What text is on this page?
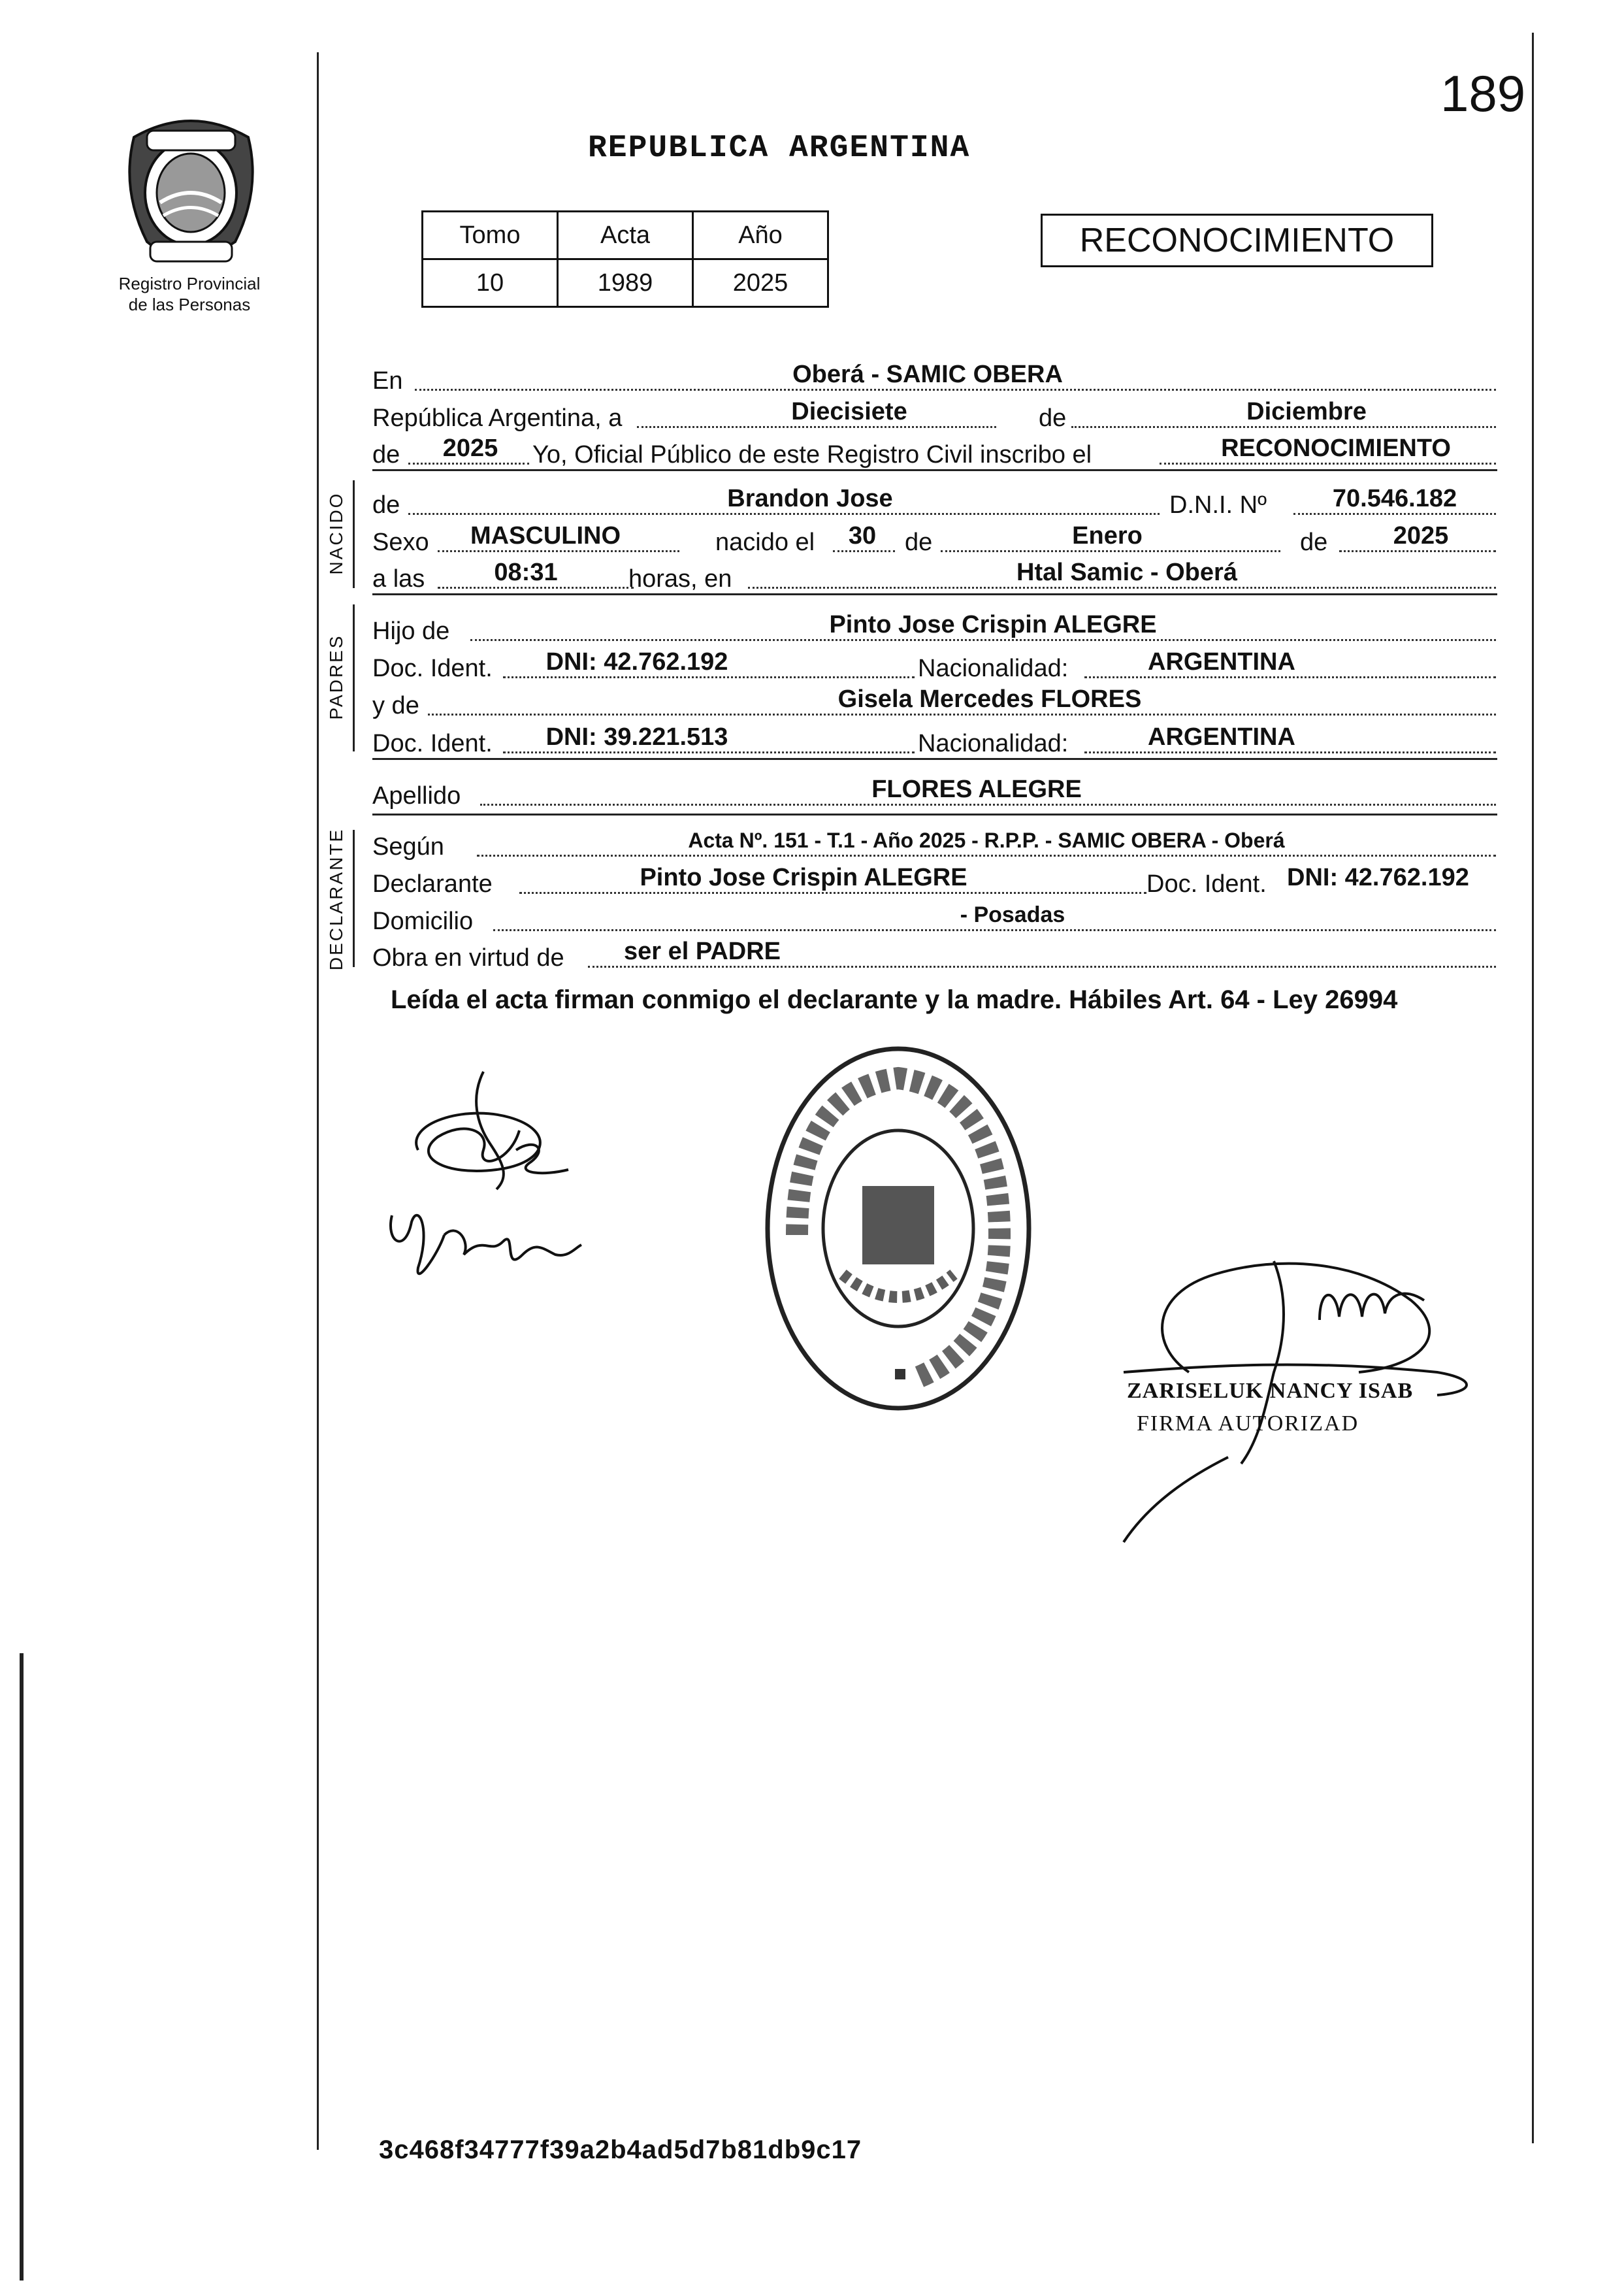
Registro Provincial
de las Personas
189
REPUBLICA ARGENTINA
Tomo	Acta	Año
10	1989	2025
RECONOCIMIENTO
En	Oberá - SAMIC OBERA
República Argentina, a	Diecisiete	de	Diciembre
de	2025	Yo, Oficial Público de este Registro Civil inscribo el	RECONOCIMIENTO
NACIDO de	Brandon Jose	D.N.I. Nº	70.546.182
Sexo	MASCULINO	nacido el	30	de	Enero	de	2025
a las	08:31	horas, en	Htal Samic - Oberá
PADRES
Hijo de	Pinto Jose Crispin ALEGRE
Doc. Ident.	DNI: 42.762.192	Nacionalidad:	ARGENTINA
y de	Gisela Mercedes FLORES
Doc. Ident.	DNI: 39.221.513	Nacionalidad:	ARGENTINA
Apellido	FLORES ALEGRE
DECLARANTE Según	Acta Nº. 151 - T.1 - Año 2025 - R.P.P. - SAMIC OBERA - Oberá
Declarante	Pinto Jose Crispin ALEGRE	Doc. Ident. DNI: 42.762.192
Domicilio	- Posadas
Obra en virtud de	ser el PADRE
Leída el acta firman conmigo el declarante y la madre. Hábiles Art. 64 - Ley 26994
ZARISELUK NANCY ISAB
FIRMA AUTORIZAD
3c468f34777f39a2b4ad5d7b81db9c17
